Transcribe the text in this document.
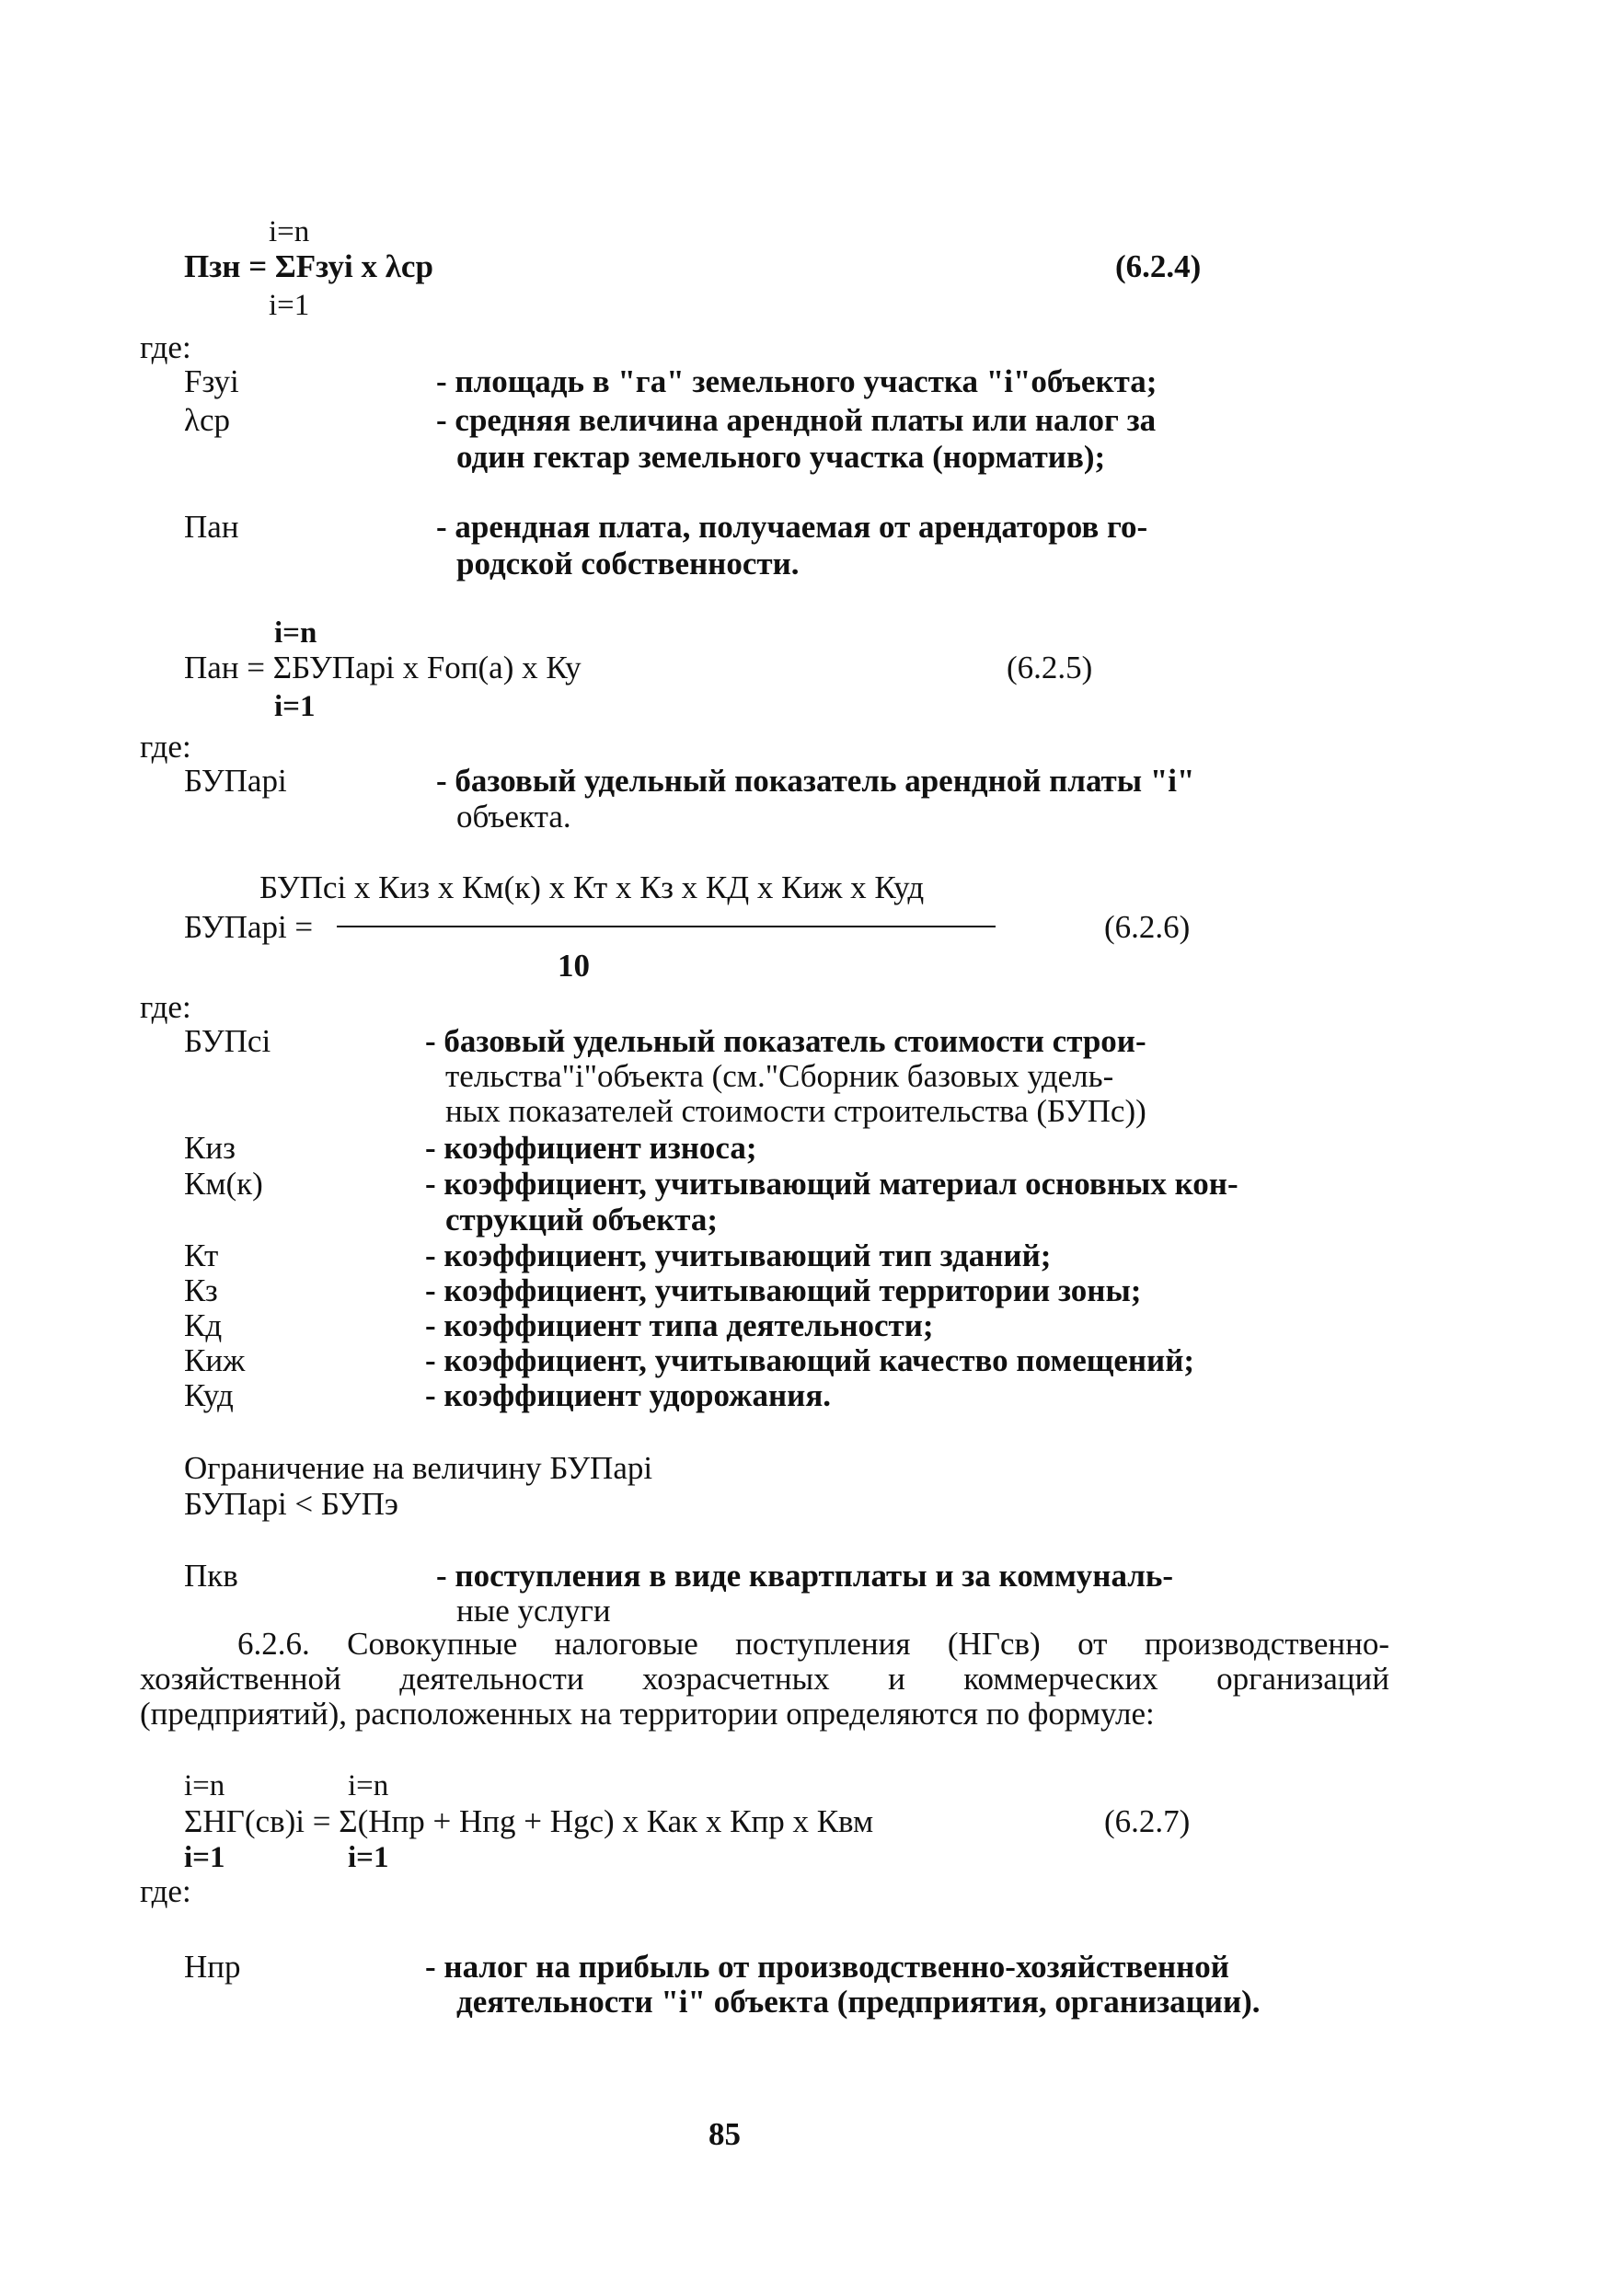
i=n
Пзн = ΣFзуi x λср	(6.2.4)
i=1
где:
Fзуi	- площадь в "га" земельного участка "i"объекта;
λср	- средняя величина арендной платы или налог за
один гектар земельного участка (норматив);
Пан	- арендная плата, получаемая от арендаторов го-
родской собственности.
i=n
Пан = ΣБУПарi x Fоп(а) x Ку	(6.2.5)
i=1
где:
БУПарi	- базовый удельный показатель арендной платы "i"
объекта.
БУПсi x Киз x Км(к) x Кт x Кз x КД x Киж x Куд
БУПарi =	(6.2.6)
10
где:
БУПсi	- базовый удельный показатель стоимости строи-
тельства"i"объекта (см."Сборник базовых удель-
ных показателей стоимости строительства (БУПс))
Киз	- коэффициент износа;
Км(к)	- коэффициент, учитывающий материал основных кон-
струкций объекта;
Кт	- коэффициент, учитывающий тип зданий;
Кз	- коэффициент, учитывающий территории зоны;
Кд	- коэффициент типа деятельности;
Киж	- коэффициент, учитывающий качество помещений;
Куд	- коэффициент удорожания.
Ограничение на величину БУПарi
БУПарi < БУПэ
Пкв	- поступления в виде квартплаты и за коммуналь-
ные услуги
6.2.6. Совокупные налоговые поступления (НГсв) от производственно-
хозяйственной деятельности хозрасчетных и коммерческих организаций
(предприятий), расположенных на территории определяются по формуле:
i=n	i=n
ΣНГ(св)i = Σ(Нпр + Нпg + Нgc) x Как x Кпр x Квм	(6.2.7)
i=1	i=1
где:
Нпр	- налог на прибыль от производственно-хозяйственной
деятельности "i" объекта (предприятия, организации).
85
